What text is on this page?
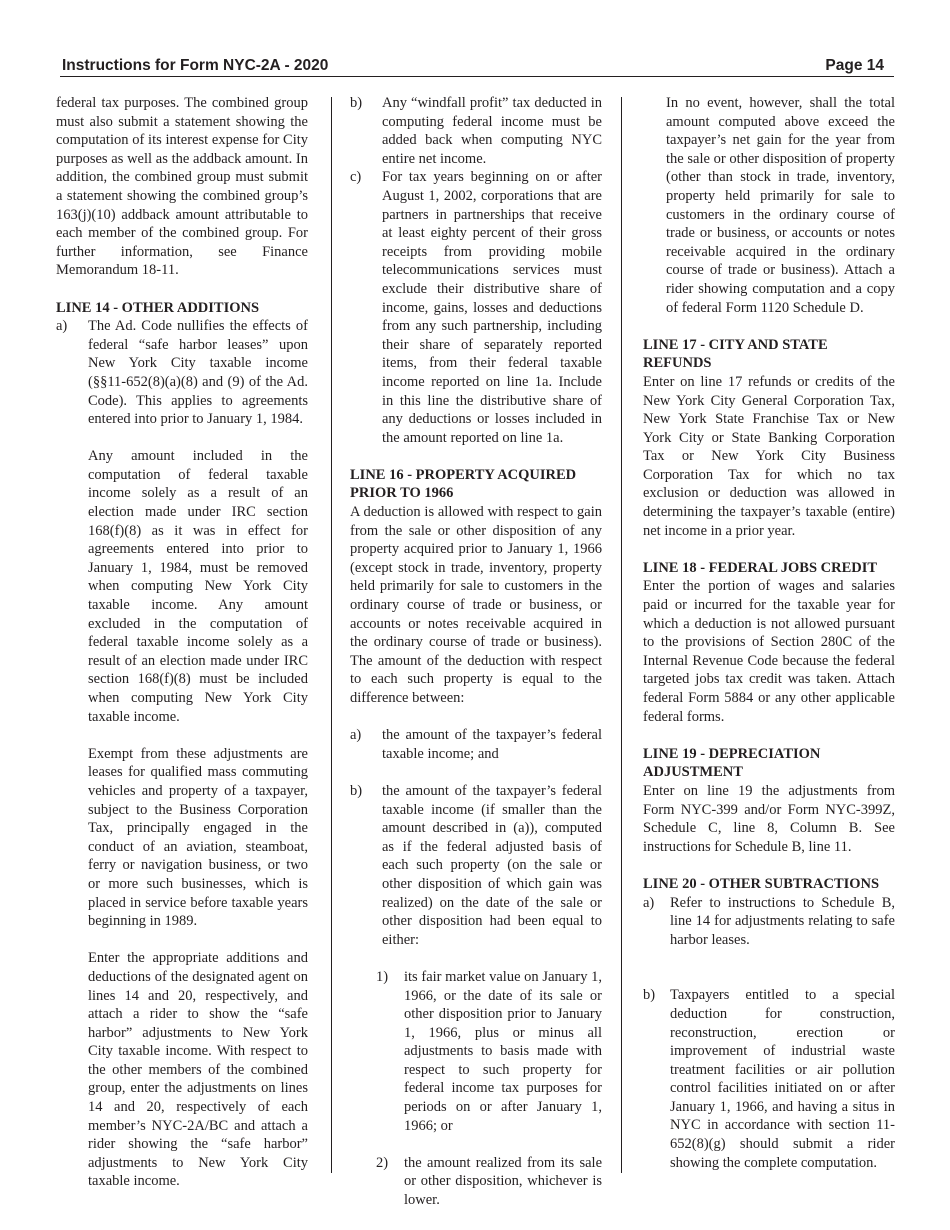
Instructions for Form NYC-2A - 2020	Page 14

federal tax purposes. The combined group must also submit a statement showing the computation of its interest expense for City purposes as well as the addback amount. In addition, the combined group must submit a statement showing the combined group’s 163(j)(10) addback amount attributable to each member of the combined group. For further information, see Finance Memorandum 18-11.

LINE 14 - OTHER ADDITIONS

a) The Ad. Code nullifies the effects of federal “safe harbor leases” upon New York City taxable income (§§11-652(8)(a)(8) and (9) of the Ad. Code). This applies to agreements entered into prior to January 1, 1984.

Any amount included in the computation of federal taxable income solely as a result of an election made under IRC section 168(f)(8) as it was in effect for agreements entered into prior to January 1, 1984, must be removed when computing New York City taxable income. Any amount excluded in the computation of federal taxable income solely as a result of an election made under IRC section 168(f)(8) must be included when computing New York City taxable income.

Exempt from these adjustments are leases for qualified mass commuting vehicles and property of a taxpayer, subject to the Business Corporation Tax, principally engaged in the conduct of an aviation, steamboat, ferry or navigation business, or two or more such businesses, which is placed in service before taxable years beginning in 1989.

Enter the appropriate additions and deductions of the designated agent on lines 14 and 20, respectively, and attach a rider to show the “safe harbor” adjustments to New York City taxable income. With respect to the other members of the combined group, enter the adjustments on lines 14 and 20, respectively of each member’s NYC-2A/BC and attach a rider showing the “safe harbor” adjustments to New York City taxable income.

b) Any “windfall profit” tax deducted in computing federal income must be added back when computing NYC entire net income.

c) For tax years beginning on or after August 1, 2002, corporations that are partners in partnerships that receive at least eighty percent of their gross receipts from providing mobile telecommunications services must exclude their distributive share of income, gains, losses and deductions from any such partnership, including their share of separately reported items, from their federal taxable income reported on line 1a. Include in this line the distributive share of any deductions or losses included in the amount reported on line 1a.

LINE 16 - PROPERTY ACQUIRED PRIOR TO 1966

A deduction is allowed with respect to gain from the sale or other disposition of any property acquired prior to January 1, 1966 (except stock in trade, inventory, property held primarily for sale to customers in the ordinary course of trade or business, or accounts or notes receivable acquired in the ordinary course of trade or business). The amount of the deduction with respect to each such property is equal to the difference between:

a) the amount of the taxpayer’s federal taxable income; and

b) the amount of the taxpayer’s federal taxable income (if smaller than the amount described in (a)), computed as if the federal adjusted basis of each such property (on the sale or other disposition of which gain was realized) on the date of the sale or other disposition had been equal to either:

1) its fair market value on January 1, 1966, or the date of its sale or other disposition prior to January 1, 1966, plus or minus all adjustments to basis made with respect to such property for federal income tax purposes for periods on or after January 1, 1966; or

2) the amount realized from its sale or other disposition, whichever is lower.

In no event, however, shall the total amount computed above exceed the taxpayer’s net gain for the year from the sale or other disposition of property (other than stock in trade, inventory, property held primarily for sale to customers in the ordinary course of trade or business, or accounts or notes receivable acquired in the ordinary course of trade or business). Attach a rider showing computation and a copy of federal Form 1120 Schedule D.

LINE 17 - CITY AND STATE REFUNDS

Enter on line 17 refunds or credits of the New York City General Corporation Tax, New York State Franchise Tax or New York City or State Banking Corporation Tax or New York City Business Corporation Tax for which no tax exclusion or deduction was allowed in determining the taxpayer’s taxable (entire) net income in a prior year.

LINE 18 - FEDERAL JOBS CREDIT

Enter the portion of wages and salaries paid or incurred for the taxable year for which a deduction is not allowed pursuant to the provisions of Section 280C of the Internal Revenue Code because the federal targeted jobs tax credit was taken. Attach federal Form 5884 or any other applicable federal forms.

LINE 19 - DEPRECIATION ADJUSTMENT

Enter on line 19 the adjustments from Form NYC-399 and/or Form NYC-399Z, Schedule C, line 8, Column B. See instructions for Schedule B, line 11.

LINE 20 - OTHER SUBTRACTIONS

a) Refer to instructions to Schedule B, line 14 for adjustments relating to safe harbor leases.

b) Taxpayers entitled to a special deduction for construction, reconstruction, erection or improvement of industrial waste treatment facilities or air pollution control facilities initiated on or after January 1, 1966, and having a situs in NYC in accordance with section 11-652(8)(g) should submit a rider showing the complete computation.
